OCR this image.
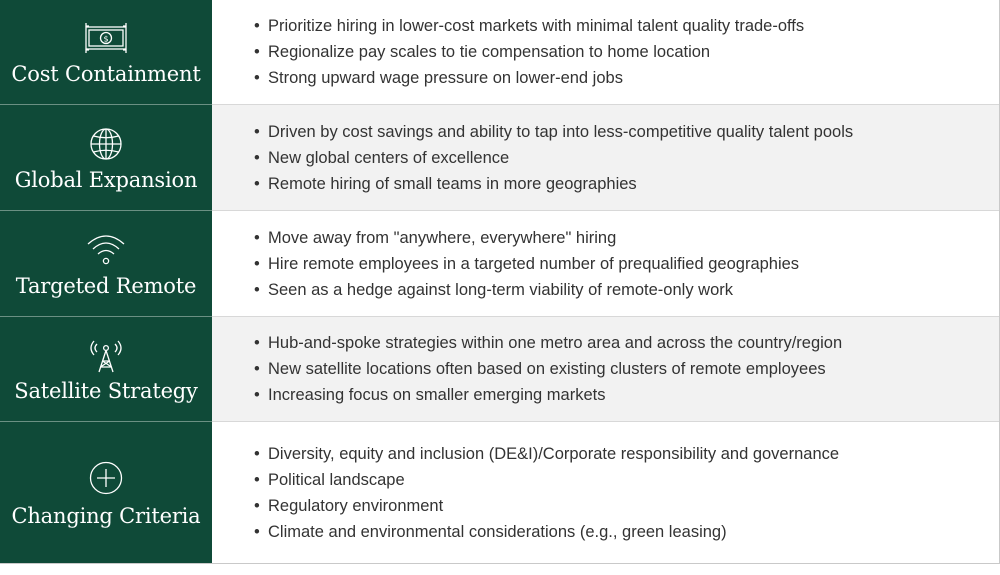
$
Cost Containment
• Prioritize hiring in lower-cost markets with minimal talent quality trade-offs
• Regionalize pay scales to tie compensation to home location
• Strong upward wage pressure on lower-end jobs
Global Expansion
• Driven by cost savings and ability to tap into less-competitive quality talent pools
• New global centers of excellence
• Remote hiring of small teams in more geographies
Targeted Remote
• Move away from "anywhere, everywhere" hiring
• Hire remote employees in a targeted number of prequalified geographies
• Seen as a hedge against long-term viability of remote-only work
Satellite Strategy
• Hub-and-spoke strategies within one metro area and across the country/region
• New satellite locations often based on existing clusters of remote employees
• Increasing focus on smaller emerging markets
Changing Criteria
• Diversity, equity and inclusion (DE&I)/Corporate responsibility and governance
• Political landscape
• Regulatory environment
• Climate and environmental considerations (e.g., green leasing)
